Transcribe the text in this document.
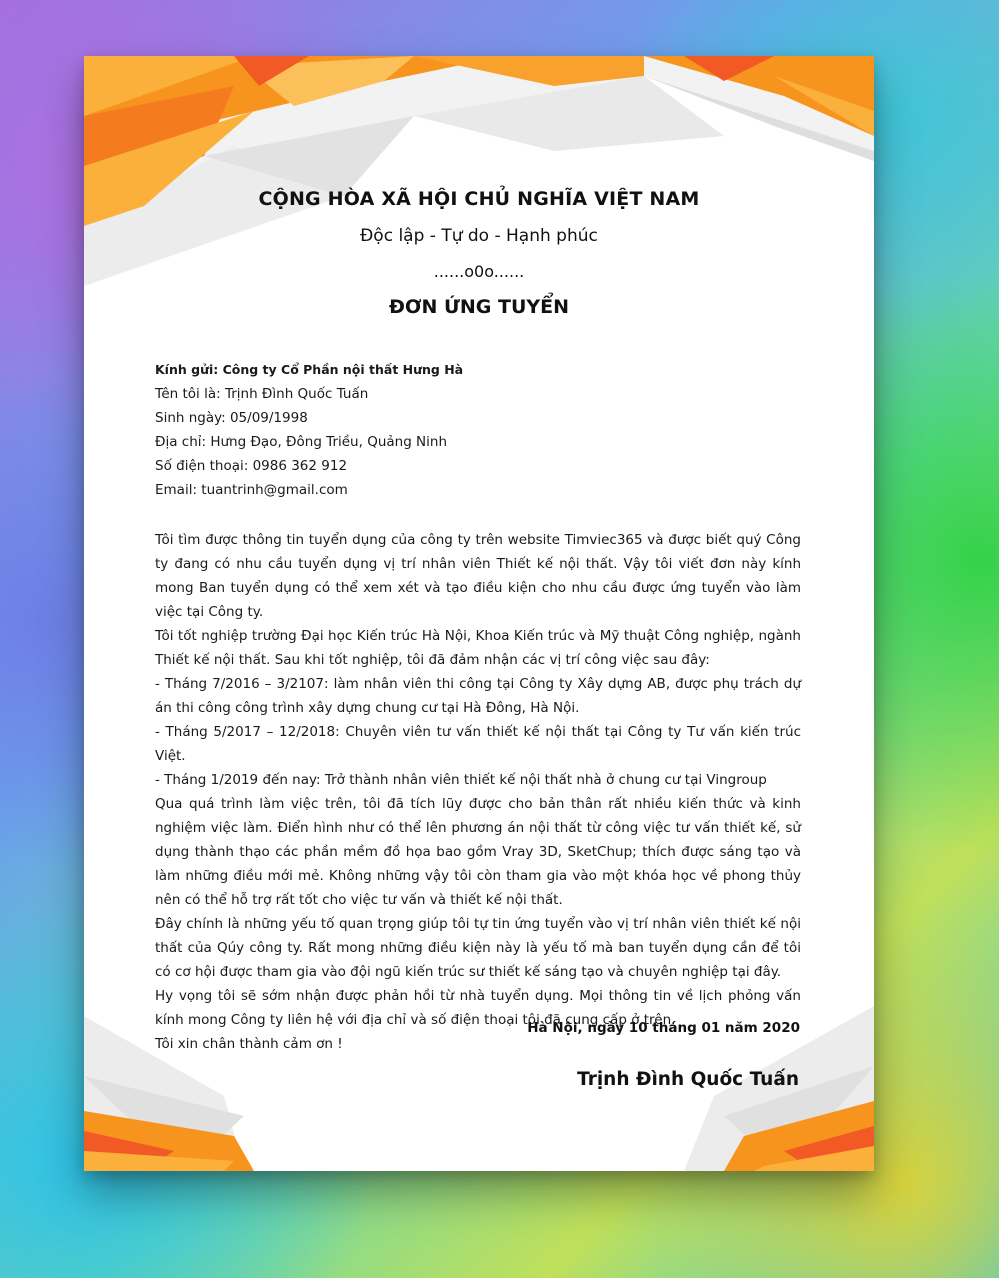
CỘNG HÒA XÃ HỘI CHỦ NGHĨA VIỆT NAM
Độc lập - Tự do - Hạnh phúc
......o0o......
ĐƠN ỨNG TUYỂN
Kính gửi: Công ty Cổ Phần nội thất Hưng Hà
Tên tôi là: Trịnh Đình Quốc Tuấn
Sinh ngày: 05/09/1998
Địa chỉ: Hưng Đạo, Đông Triều, Quảng Ninh
Số điện thoại: 0986 362 912
Email: tuantrinh@gmail.com

Tôi tìm được thông tin tuyển dụng của công ty trên website Timviec365 và được biết quý Công ty đang có nhu cầu tuyển dụng vị trí nhân viên Thiết kế nội thất. Vậy tôi viết đơn này kính mong Ban tuyển dụng có thể xem xét và tạo điều kiện cho nhu cầu được ứng tuyển vào làm việc tại Công ty.

Tôi tốt nghiệp trường Đại học Kiến trúc Hà Nội, Khoa Kiến trúc và Mỹ thuật Công nghiệp, ngành Thiết kế nội thất. Sau khi tốt nghiệp, tôi đã đảm nhận các vị trí công việc sau đây:

- Tháng 7/2016 – 3/2107: làm nhân viên thi công tại Công ty Xây dựng AB, được phụ trách dự án thi công công trình xây dựng chung cư tại Hà Đông, Hà Nội.

- Tháng 5/2017 – 12/2018: Chuyên viên tư vấn thiết kế nội thất tại Công ty Tư vấn kiến trúc Việt.

- Tháng 1/2019 đến nay: Trở thành nhân viên thiết kế nội thất nhà ở chung cư tại Vingroup

Qua quá trình làm việc trên, tôi đã tích lũy được cho bản thân rất nhiều kiến thức và kinh nghiệm việc làm. Điển hình như có thể lên phương án nội thất từ công việc tư vấn thiết kế, sử dụng thành thạo các phần mềm đồ họa bao gồm Vray 3D, SketChup; thích được sáng tạo và làm những điều mới mẻ. Không những vậy tôi còn tham gia vào một khóa học về phong thủy nên có thể hỗ trợ rất tốt cho việc tư vấn và thiết kế nội thất.

Đây chính là những yếu tố quan trọng giúp tôi tự tin ứng tuyển vào vị trí nhân viên thiết kế nội thất của Qúy công ty. Rất mong những điều kiện này là yếu tố mà ban tuyển dụng cần để tôi có cơ hội được tham gia vào đội ngũ kiến trúc sư thiết kế sáng tạo và chuyên nghiệp tại đây.

Hy vọng tôi sẽ sớm nhận được phản hồi từ nhà tuyển dụng. Mọi thông tin về lịch phỏng vấn kính mong Công ty liên hệ với địa chỉ và số điện thoại tôi đã cung cấp ở trên.

Tôi xin chân thành cảm ơn !

Hà Nội, ngày 10 tháng 01 năm 2020
Trịnh Đình Quốc Tuấn
